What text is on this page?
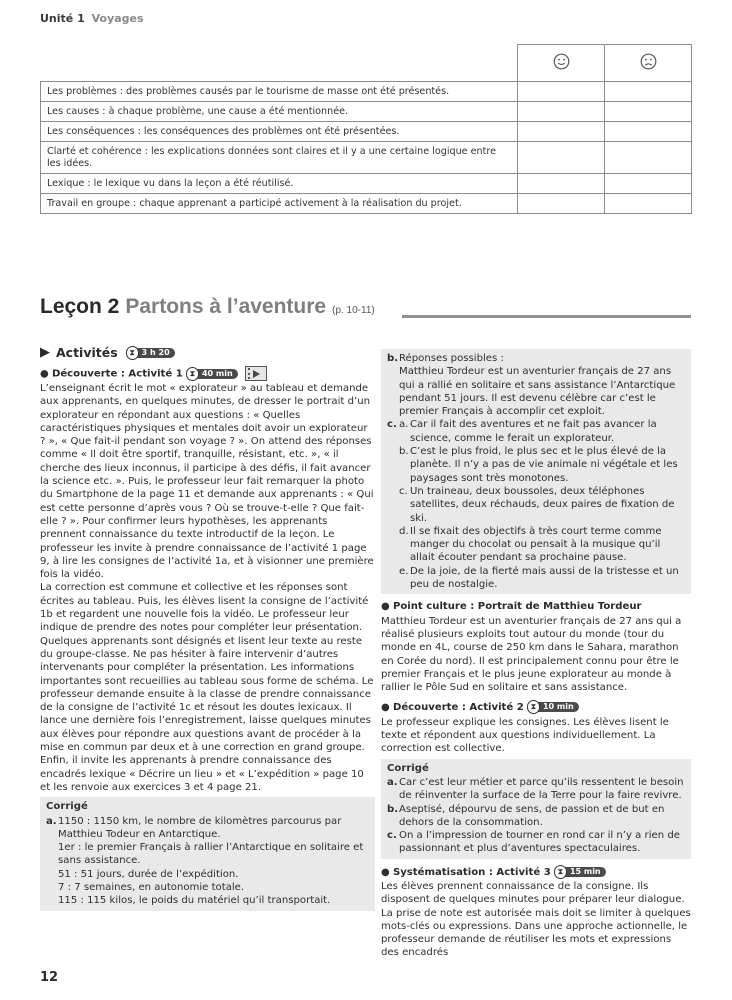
Unité 1 Voyages

Les problèmes : des problèmes causés par le tourisme de masse ont été présentés.		
Les causes : à chaque problème, une cause a été mentionnée.		
Les conséquences : les conséquences des problèmes ont été présentées.		
Clarté et cohérence : les explications données sont claires et il y a une certaine logique entre les idées.		
Lexique : le lexique vu dans la leçon a été réutilisé.		
Travail en groupe : chaque apprenant a participé activement à la réalisation du projet.		
Leçon 2 Partons à l’aventure (p. 10-11)
▶ Activités	⧗ 3 h 20
● Découverte : Activité 1 ⧗ 40 min

L’enseignant écrit le mot « explorateur » au tableau et demande aux apprenants, en quelques minutes, de dresser le portrait d’un explorateur en répondant aux questions : « Quelles caractéristiques physiques et mentales doit avoir un explorateur ? », « Que fait-il pendant son voyage ? ». On attend des réponses comme « Il doit être sportif, tranquille, résistant, etc. », « il cherche des lieux inconnus, il participe à des défis, il fait avancer la science etc. ». Puis, le professeur leur fait remarquer la photo du Smartphone de la page 11 et demande aux apprenants : « Qui est cette personne d’après vous ? Où se trouve-t-elle ? Que fait-elle ? ». Pour confirmer leurs hypothèses, les apprenants prennent connaissance du texte introductif de la leçon. Le professeur les invite à prendre connaissance de l’activité 1 page 9, à lire les consignes de l’activité 1a, et à visionner une première fois la vidéo.

La correction est commune et collective et les réponses sont écrites au tableau. Puis, les élèves lisent la consigne de l’activité 1b et regardent une nouvelle fois la vidéo. Le professeur leur indique de prendre des notes pour compléter leur présentation. Quelques apprenants sont désignés et lisent leur texte au reste du groupe-classe. Ne pas hésiter à faire intervenir d’autres intervenants pour compléter la présentation. Les informations importantes sont recueillies au tableau sous forme de schéma. Le professeur demande ensuite à la classe de prendre connaissance de la consigne de l’activité 1c et résout les doutes lexicaux. Il lance une dernière fois l’enregistrement, laisse quelques minutes aux élèves pour répondre aux questions avant de procéder à la mise en commun par deux et à une correction en grand groupe. Enfin, il invite les apprenants à prendre connaissance des encadrés lexique « Décrire un lieu » et « L’expédition » page 10 et les renvoie aux exercices 3 et 4 page 21.

Corrigé
a. 1150 : 1150 km, le nombre de kilomètres parcourus par Matthieu Todeur en Antarctique.
1er : le premier Français à rallier l’Antarctique en solitaire et sans assistance.
51 : 51 jours, durée de l’expédition.
7 : 7 semaines, en autonomie totale.
115 : 115 kilos, le poids du matériel qu’il transportait.
b. Réponses possibles :
Matthieu Tordeur est un aventurier français de 27 ans qui a rallié en solitaire et sans assistance l’Antarctique pendant 51 jours. Il est devenu célèbre car c’est le premier Français à accomplir cet exploit.
c. a. Car il fait des aventures et ne fait pas avancer la science, comme le ferait un explorateur.
b. C’est le plus froid, le plus sec et le plus élevé de la planète. Il n’y a pas de vie animale ni végétale et les paysages sont très monotones.
c. Un traineau, deux boussoles, deux téléphones satellites, deux réchauds, deux paires de fixation de ski.
d. Il se fixait des objectifs à très court terme comme manger du chocolat ou pensait à la musique qu’il allait écouter pendant sa prochaine pause.
e. De la joie, de la fierté mais aussi de la tristesse et un peu de nostalgie.
● Point culture : Portrait de Matthieu Tordeur

Matthieu Tordeur est un aventurier français de 27 ans qui a réalisé plusieurs exploits tout autour du monde (tour du monde en 4L, course de 250 km dans le Sahara, marathon en Corée du nord). Il est principalement connu pour être le premier Français et le plus jeune explorateur au monde à rallier le Pôle Sud en solitaire et sans assistance.

● Découverte : Activité 2 ⧗ 10 min

Le professeur explique les consignes. Les élèves lisent le texte et répondent aux questions individuellement. La correction est collective.

Corrigé
a. Car c’est leur métier et parce qu’ils ressentent le besoin de réinventer la surface de la Terre pour la faire revivre.
b. Aseptisé, dépourvu de sens, de passion et de but en dehors de la consommation.
c. On a l’impression de tourner en rond car il n’y a rien de passionnant et plus d’aventures spectaculaires.
● Systématisation : Activité 3 ⧗ 15 min

Les élèves prennent connaissance de la consigne. Ils disposent de quelques minutes pour préparer leur dialogue. La prise de note est autorisée mais doit se limiter à quelques mots-clés ou expressions. Dans une approche actionnelle, le professeur demande de réutiliser les mots et expressions des encadrés

12
